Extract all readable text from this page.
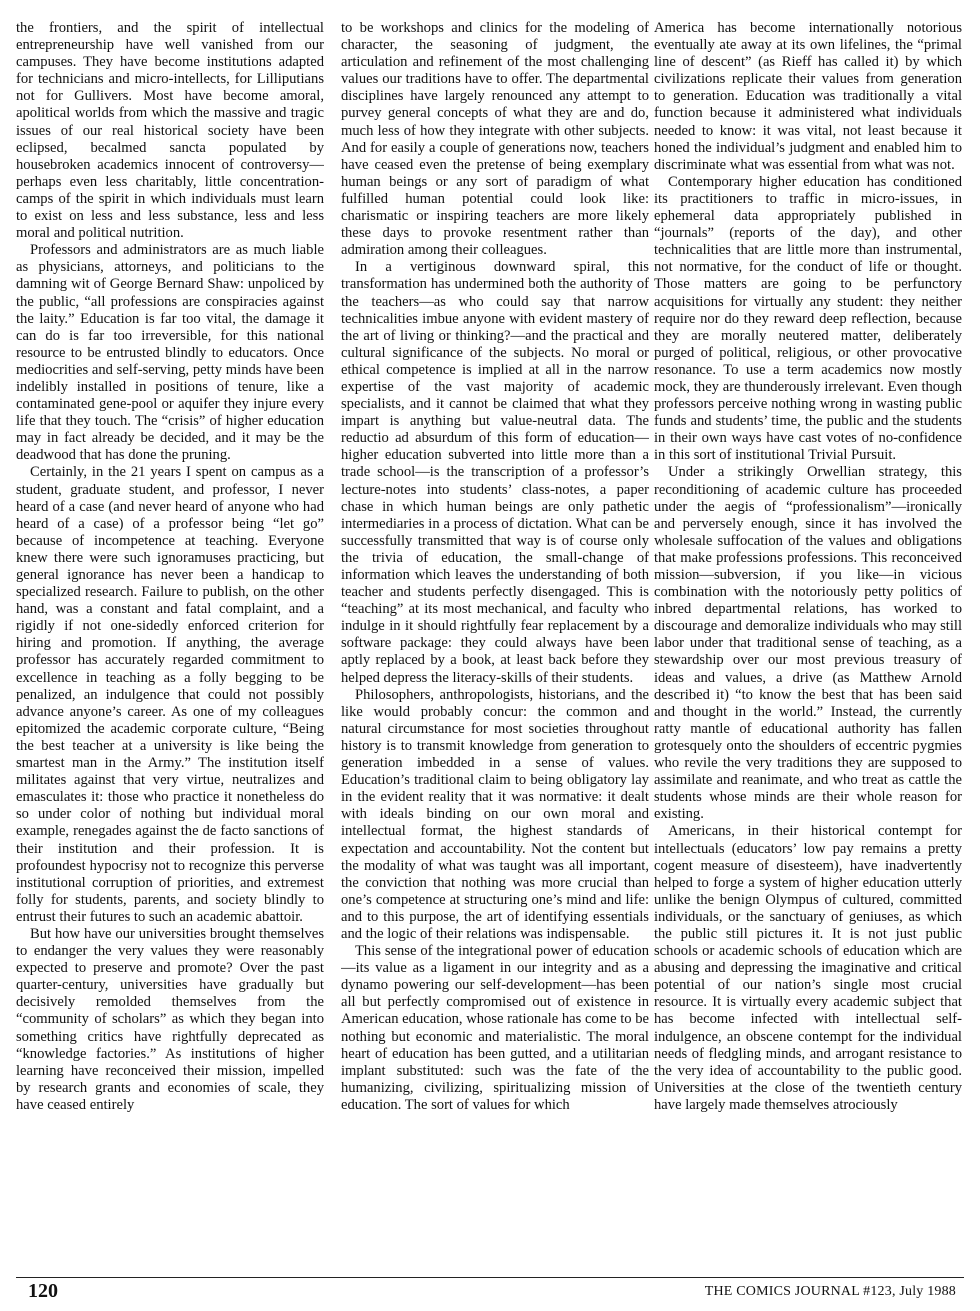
the frontiers, and the spirit of intellectual entrepreneurship have well vanished from our campuses. They have become institutions adapted for technicians and micro-intellects, for Lilliputians not for Gullivers. Most have become amoral, apolitical worlds from which the massive and tragic issues of our real historical society have been eclipsed, becalmed sancta populated by housebroken academics innocent of controversy—perhaps even less charitably, little concentration-camps of the spirit in which individuals must learn to exist on less and less substance, less and less moral and political nutrition.

Professors and administrators are as much liable as physicians, attorneys, and politicians to the damning wit of George Bernard Shaw: unpoliced by the public, “all professions are conspiracies against the laity.” Education is far too vital, the damage it can do is far too irreversible, for this national resource to be entrusted blindly to educators. Once mediocrities and self-serving, petty minds have been indelibly installed in positions of tenure, like a contaminated gene-pool or aquifer they injure every life that they touch. The “crisis” of higher education may in fact already be decided, and it may be the deadwood that has done the pruning.

Certainly, in the 21 years I spent on campus as a student, graduate student, and professor, I never heard of a case (and never heard of anyone who had heard of a case) of a professor being “let go” because of incompetence at teaching. Everyone knew there were such ignoramuses practicing, but general ignorance has never been a handicap to specialized research. Failure to publish, on the other hand, was a constant and fatal complaint, and a rigidly if not one-sidedly enforced criterion for hiring and promotion. If anything, the average professor has accurately regarded commitment to excellence in teaching as a folly begging to be penalized, an indulgence that could not possibly advance anyone’s career. As one of my colleagues epitomized the academic corporate culture, “Being the best teacher at a university is like being the smartest man in the Army.” The institution itself militates against that very virtue, neutralizes and emasculates it: those who practice it nonetheless do so under color of nothing but individual moral example, renegades against the de facto sanctions of their institution and their profession. It is profoundest hypocrisy not to recognize this perverse institutional corruption of priorities, and extremest folly for students, parents, and society blindly to entrust their futures to such an academic abattoir.

But how have our universities brought themselves to endanger the very values they were reasonably expected to preserve and promote? Over the past quarter-century, universities have gradually but decisively remolded themselves from the “community of scholars” as which they began into something critics have rightfully deprecated as “knowledge factories.” As institutions of higher learning have reconceived their mission, impelled by research grants and economies of scale, they have ceased entirely

to be workshops and clinics for the modeling of character, the seasoning of judgment, the articulation and refinement of the most challenging values our traditions have to offer. The departmental disciplines have largely renounced any attempt to purvey general concepts of what they are and do, much less of how they integrate with other subjects. And for easily a couple of generations now, teachers have ceased even the pretense of being exemplary human beings or any sort of paradigm of what fulfilled human potential could look like: charismatic or inspiring teachers are more likely these days to provoke resentment rather than admiration among their colleagues.

In a vertiginous downward spiral, this transformation has undermined both the authority of the teachers—as who could say that narrow technicalities imbue anyone with evident mastery of the art of living or thinking?—and the practical and cultural significance of the subjects. No moral or ethical competence is implied at all in the narrow expertise of the vast majority of academic specialists, and it cannot be claimed that what they impart is anything but value-neutral data. The reductio ad absurdum of this form of education—higher education subverted into little more than a trade school—is the transcription of a professor’s lecture-notes into students’ class-notes, a paper chase in which human beings are only pathetic intermediaries in a process of dictation. What can be successfully transmitted that way is of course only the trivia of education, the small-change of information which leaves the understanding of both teacher and students perfectly disengaged. This is “teaching” at its most mechanical, and faculty who indulge in it should rightfully fear replacement by a software package: they could always have been aptly replaced by a book, at least back before they helped depress the literacy-skills of their students.

Philosophers, anthropologists, historians, and the like would probably concur: the common and natural circumstance for most societies throughout history is to transmit knowledge from generation to generation imbedded in a sense of values. Education’s traditional claim to being obligatory lay in the evident reality that it was normative: it dealt with ideals binding on our own moral and intellectual format, the highest standards of expectation and accountability. Not the content but the modality of what was taught was all important, the conviction that nothing was more crucial than one’s competence at structuring one’s mind and life: and to this purpose, the art of identifying essentials and the logic of their relations was indispensable.

This sense of the integrational power of education—its value as a ligament in our integrity and as a dynamo powering our self-development—has been all but perfectly compromised out of existence in American education, whose rationale has come to be nothing but economic and materialistic. The moral heart of education has been gutted, and a utilitarian implant substituted: such was the fate of the humanizing, civilizing, spiritualizing mission of education. The sort of values for which

America has become internationally notorious eventually ate away at its own lifelines, the “primal line of descent” (as Rieff has called it) by which civilizations replicate their values from generation to generation. Education was traditionally a vital function because it administered what individuals needed to know: it was vital, not least because it honed the individual’s judgment and enabled him to discriminate what was essential from what was not.

Contemporary higher education has conditioned its practitioners to traffic in micro-issues, in ephemeral data appropriately published in “journals” (reports of the day), and other technicalities that are little more than instrumental, not normative, for the conduct of life or thought. Those matters are going to be perfunctory acquisitions for virtually any student: they neither require nor do they reward deep reflection, because they are morally neutered matter, deliberately purged of political, religious, or other provocative resonance. To use a term academics now mostly mock, they are thunderously irrelevant. Even though professors perceive nothing wrong in wasting public funds and students’ time, the public and the students in their own ways have cast votes of no-confidence in this sort of institutional Trivial Pursuit.

Under a strikingly Orwellian strategy, this reconditioning of academic culture has proceeded under the aegis of “professionalism”—ironically and perversely enough, since it has involved the wholesale suffocation of the values and obligations that make professions professions. This reconceived mission—subversion, if you like—in vicious combination with the notoriously petty politics of inbred departmental relations, has worked to discourage and demoralize individuals who may still labor under that traditional sense of teaching, as a stewardship over our most previous treasury of ideas and values, a drive (as Matthew Arnold described it) “to know the best that has been said and thought in the world.” Instead, the currently ratty mantle of educational authority has fallen grotesquely onto the shoulders of eccentric pygmies who revile the very traditions they are supposed to assimilate and reanimate, and who treat as cattle the students whose minds are their whole reason for existing.

Americans, in their historical contempt for intellectuals (educators’ low pay remains a pretty cogent measure of disesteem), have inadvertently helped to forge a system of higher education utterly unlike the benign Olympus of cultured, committed individuals, or the sanctuary of geniuses, as which the public still pictures it. It is not just public schools or academic schools of education which are abusing and depressing the imaginative and critical potential of our nation’s single most crucial resource. It is virtually every academic subject that has become infected with intellectual self-indulgence, an obscene contempt for the individual needs of fledgling minds, and arrogant resistance to the very idea of accountability to the public good. Universities at the close of the twentieth century have largely made themselves atrociously

120	THE COMICS JOURNAL #123, July 1988
